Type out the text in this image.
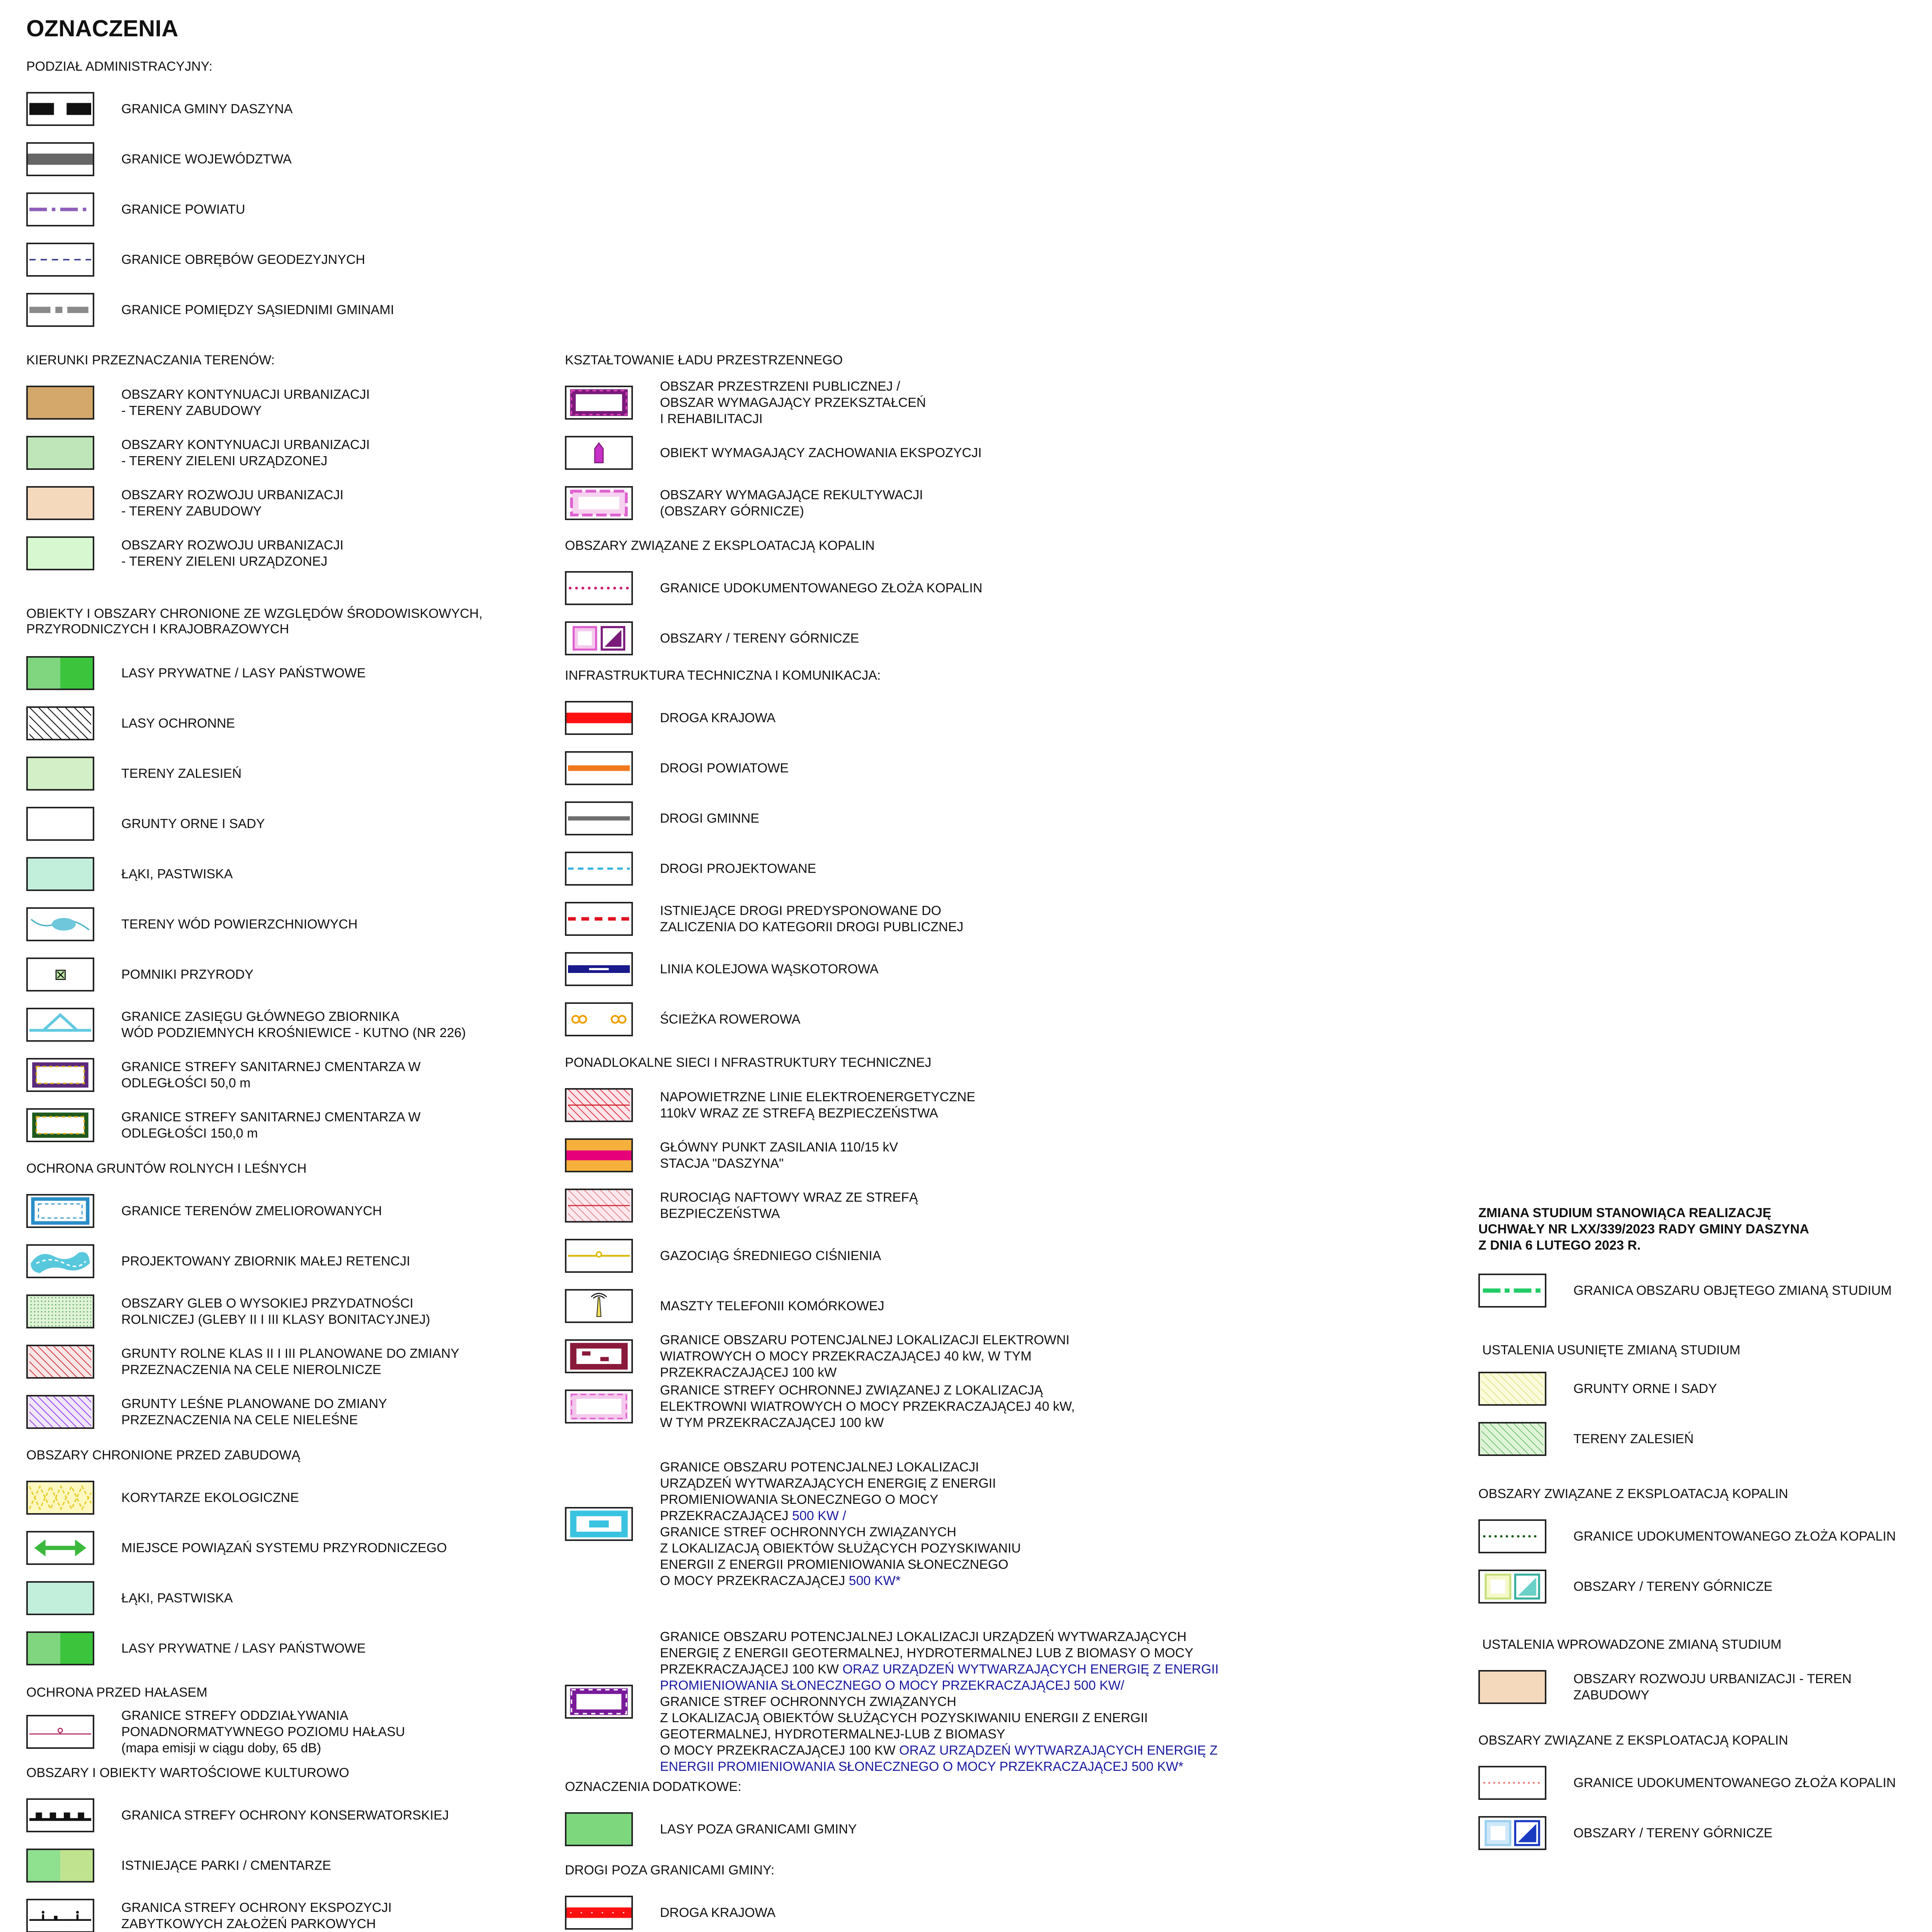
OZNACZENIA
PODZIAŁ ADMINISTRACYJNY:
GRANICA GMINY DASZYNA
GRANICE WOJEWÓDZTWA
GRANICE POWIATU
GRANICE OBRĘBÓW GEODEZYJNYCH
GRANICE POMIĘDZY SĄSIEDNIMI GMINAMI
KIERUNKI PRZEZNACZANIA TERENÓW:
OBSZARY KONTYNUACJI URBANIZACJI
- TERENY ZABUDOWY
OBSZARY KONTYNUACJI URBANIZACJI
- TERENY ZIELENI URZĄDZONEJ
OBSZARY ROZWOJU URBANIZACJI
- TERENY ZABUDOWY
OBSZARY ROZWOJU URBANIZACJI
- TERENY ZIELENI URZĄDZONEJ
OBIEKTY I OBSZARY CHRONIONE ZE WZGLĘDÓW ŚRODOWISKOWYCH,
PRZYRODNICZYCH I KRAJOBRAZOWYCH
LASY PRYWATNE / LASY PAŃSTWOWE
LASY OCHRONNE
TERENY ZALESIEŃ
GRUNTY ORNE I SADY
ŁĄKI, PASTWISKA
TERENY WÓD POWIERZCHNIOWYCH
POMNIKI PRZYRODY
GRANICE ZASIĘGU GŁÓWNEGO ZBIORNIKA
WÓD PODZIEMNYCH KROŚNIEWICE - KUTNO (NR 226)
GRANICE STREFY SANITARNEJ CMENTARZA W
ODLEGŁOŚCI 50,0 m
GRANICE STREFY SANITARNEJ CMENTARZA W
ODLEGŁOŚCI 150,0 m
OCHRONA GRUNTÓW ROLNYCH I LEŚNYCH
GRANICE TERENÓW ZMELIOROWANYCH
PROJEKTOWANY ZBIORNIK MAŁEJ RETENCJI
OBSZARY GLEB O WYSOKIEJ PRZYDATNOŚCI
ROLNICZEJ (GLEBY II I III KLASY BONITACYJNEJ)
GRUNTY ROLNE KLAS II I III PLANOWANE DO ZMIANY
PRZEZNACZENIA NA CELE NIEROLNICZE
GRUNTY LEŚNE PLANOWANE DO ZMIANY
PRZEZNACZENIA NA CELE NIELEŚNE
OBSZARY CHRONIONE PRZED ZABUDOWĄ
KORYTARZE EKOLOGICZNE
MIEJSCE POWIĄZAŃ SYSTEMU PRZYRODNICZEGO
ŁĄKI, PASTWISKA
LASY PRYWATNE / LASY PAŃSTWOWE
OCHRONA PRZED HAŁASEM
GRANICE STREFY ODDZIAŁYWANIA
PONADNORMATYWNEGO POZIOMU HAŁASU
(mapa emisji w ciągu doby, 65 dB)
OBSZARY I OBIEKTY WARTOŚCIOWE KULTUROWO
GRANICA STREFY OCHRONY KONSERWATORSKIEJ
ISTNIEJĄCE PARKI / CMENTARZE
GRANICA STREFY OCHRONY EKSPOZYCJI
ZABYTKOWYCH ZAŁOŻEŃ PARKOWYCH
KSZTAŁTOWANIE ŁADU PRZESTRZENNEGO
OBSZAR PRZESTRZENI PUBLICZNEJ /
OBSZAR WYMAGAJĄCY PRZEKSZTAŁCEŃ
I REHABILITACJI
OBIEKT WYMAGAJĄCY ZACHOWANIA EKSPOZYCJI
OBSZARY WYMAGAJĄCE REKULTYWACJI
(OBSZARY GÓRNICZE)
OBSZARY ZWIĄZANE Z EKSPLOATACJĄ KOPALIN
GRANICE UDOKUMENTOWANEGO ZŁOŻA KOPALIN
OBSZARY / TERENY GÓRNICZE
INFRASTRUKTURA TECHNICZNA I KOMUNIKACJA:
DROGA KRAJOWA
DROGI POWIATOWE
DROGI GMINNE
DROGI PROJEKTOWANE
ISTNIEJĄCE DROGI PREDYSPONOWANE DO
ZALICZENIA DO KATEGORII DROGI PUBLICZNEJ
LINIA KOLEJOWA WĄSKOTOROWA
ŚCIEŻKA ROWEROWA
PONADLOKALNE SIECI I NFRASTRUKTURY TECHNICZNEJ
NAPOWIETRZNE LINIE ELEKTROENERGETYCZNE
110kV WRAZ ZE STREFĄ BEZPIECZEŃSTWA
GŁÓWNY PUNKT ZASILANIA 110/15 kV
STACJA "DASZYNA"
RUROCIĄG NAFTOWY WRAZ ZE STREFĄ
BEZPIECZEŃSTWA
GAZOCIĄG ŚREDNIEGO CIŚNIENIA
MASZTY TELEFONII KOMÓRKOWEJ
GRANICE OBSZARU POTENCJALNEJ LOKALIZACJI ELEKTROWNI
WIATROWYCH O MOCY PRZEKRACZAJĄCEJ 40 kW, W TYM
PRZEKRACZAJĄCEJ 100 kW
GRANICE STREFY OCHRONNEJ ZWIĄZANEJ Z LOKALIZACJĄ
ELEKTROWNI WIATROWYCH O MOCY PRZEKRACZAJĄCEJ 40 kW,
W TYM PRZEKRACZAJĄCEJ 100 kW
GRANICE OBSZARU POTENCJALNEJ LOKALIZACJI
URZĄDZEŃ WYTWARZAJĄCYCH ENERGIĘ Z ENERGII
PROMIENIOWANIA SŁONECZNEGO O MOCY
PRZEKRACZAJĄCEJ 500 KW /
GRANICE STREF OCHRONNYCH ZWIĄZANYCH
Z LOKALIZACJĄ OBIEKTÓW SŁUŻĄCYCH POZYSKIWANIU
ENERGII Z ENERGII PROMIENIOWANIA SŁONECZNEGO
O MOCY PRZEKRACZAJĄCEJ 500 KW*
GRANICE OBSZARU POTENCJALNEJ LOKALIZACJI URZĄDZEŃ WYTWARZAJĄCYCH
ENERGIĘ Z ENERGII GEOTERMALNEJ, HYDROTERMALNEJ LUB Z BIOMASY O MOCY
PRZEKRACZAJĄCEJ 100 KW ORAZ URZĄDZEŃ WYTWARZAJĄCYCH ENERGIĘ Z ENERGII
PROMIENIOWANIA SŁONECZNEGO O MOCY PRZEKRACZAJĄCEJ 500 KW/
GRANICE STREF OCHRONNYCH ZWIĄZANYCH
Z LOKALIZACJĄ OBIEKTÓW SŁUŻĄCYCH POZYSKIWANIU ENERGII Z ENERGII
GEOTERMALNEJ, HYDROTERMALNEJ-LUB Z BIOMASY
O MOCY PRZEKRACZAJĄCEJ 100 KW ORAZ URZĄDZEŃ WYTWARZAJĄCYCH ENERGIĘ Z
ENERGII PROMIENIOWANIA SŁONECZNEGO O MOCY PRZEKRACZAJĄCEJ 500 KW*
OZNACZENIA DODATKOWE:
LASY POZA GRANICAMI GMINY
DROGI POZA GRANICAMI GMINY:
DROGA KRAJOWA
ZMIANA STUDIUM STANOWIĄCA REALIZACJĘ
UCHWAŁY NR LXX/339/2023 RADY GMINY DASZYNA
Z DNIA 6 LUTEGO 2023 R.
GRANICA OBSZARU OBJĘTEGO ZMIANĄ STUDIUM
USTALENIA USUNIĘTE ZMIANĄ STUDIUM
GRUNTY ORNE I SADY
TERENY ZALESIEŃ
OBSZARY ZWIĄZANE Z EKSPLOATACJĄ KOPALIN
GRANICE UDOKUMENTOWANEGO ZŁOŻA KOPALIN
OBSZARY / TERENY GÓRNICZE
USTALENIA WPROWADZONE ZMIANĄ STUDIUM
OBSZARY ROZWOJU URBANIZACJI - TEREN
ZABUDOWY
OBSZARY ZWIĄZANE Z EKSPLOATACJĄ KOPALIN
GRANICE UDOKUMENTOWANEGO ZŁOŻA KOPALIN
OBSZARY / TERENY GÓRNICZE
